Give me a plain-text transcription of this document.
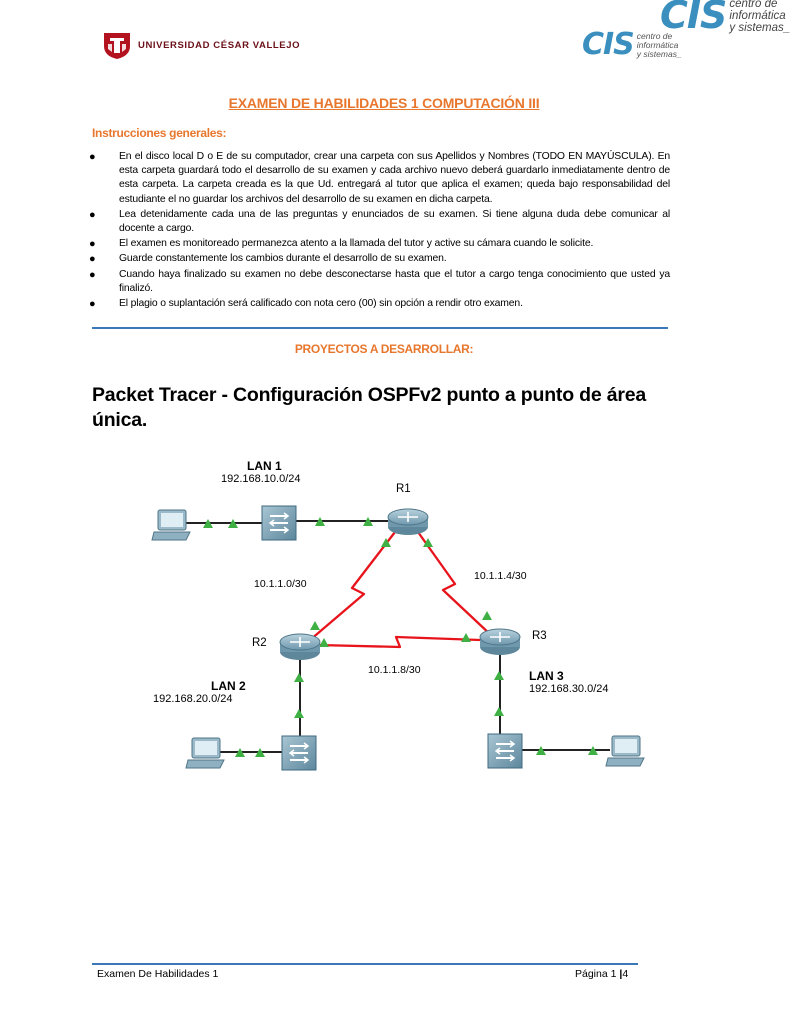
UNIVERSIDAD CÉSAR VALLEJO
CIS centro de
informática
y sistemas_
CIS centro de
informática
y sistemas_
EXAMEN DE HABILIDADES 1 COMPUTACIÓN III
Instrucciones generales:
● En el disco local D o E de su computador, crear una carpeta con sus Apellidos y Nombres (TODO EN MAYÚSCULA). En esta carpeta guardará todo el desarrollo de su examen y cada archivo nuevo deberá guardarlo inmediatamente dentro de esta carpeta. La carpeta creada es la que Ud. entregará al tutor que aplica el examen; queda bajo responsabilidad del estudiante el no guardar los archivos del desarrollo de su examen en dicha carpeta.
● Lea detenidamente cada una de las preguntas y enunciados de su examen. Si tiene alguna duda debe comunicar al docente a cargo.
● El examen es monitoreado permanezca atento a la llamada del tutor y active su cámara cuando le solicite.
● Guarde constantemente los cambios durante el desarrollo de su examen.
● Cuando haya finalizado su examen no debe desconectarse hasta que el tutor a cargo tenga conocimiento que usted ya finalizó.
● El plagio o suplantación será calificado con nota cero (00) sin opción a rendir otro examen.
PROYECTOS A DESARROLLAR:
Packet Tracer - Configuración OSPFv2 punto a punto de área única.
LAN 1
192.168.10.0/24
LAN 2
192.168.20.0/24
LAN 3
192.168.30.0/24
R1
R2
R3
10.1.1.0/30
10.1.1.4/30
10.1.1.8/30
Examen De Habilidades 1	Página 1 |4
